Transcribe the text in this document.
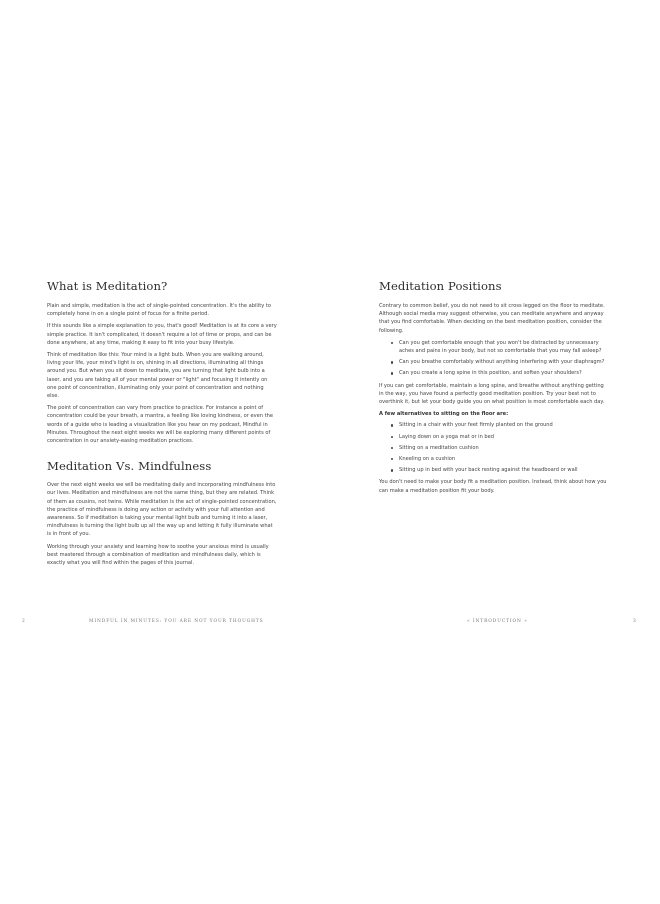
What is Meditation?

Plain and simple, meditation is the act of single-pointed concentration. It's the ability to completely hone in on a single point of focus for a finite period.

If this sounds like a simple explanation to you, that's good! Meditation is at its core a very simple practice. It isn't complicated, it doesn't require a lot of time or props, and can be done anywhere, at any time, making it easy to fit into your busy lifestyle.

Think of meditation like this: Your mind is a light bulb. When you are walking around, living your life, your mind's light is on, shining in all directions, illuminating all things around you. But when you sit down to meditate, you are turning that light bulb into a laser, and you are taking all of your mental power or "light" and focusing it intently on one point of concentration, illuminating only your point of concentration and nothing else.

The point of concentration can vary from practice to practice. For instance a point of concentration could be your breath, a mantra, a feeling like loving kindness, or even the words of a guide who is leading a visualization like you hear on my podcast, Mindful in Minutes. Throughout the next eight weeks we will be exploring many different points of concentration in our anxiety-easing meditation practices.

Meditation Vs. Mindfulness

Over the next eight weeks we will be meditating daily and incorporating mindfulness into our lives. Meditation and mindfulness are not the same thing, but they are related. Think of them as cousins, not twins. While meditation is the act of single-pointed concentration, the practice of mindfulness is doing any action or activity with your full attention and awareness. So if meditation is taking your mental light bulb and turning it into a laser, mindfulness is turning the light bulb up all the way up and letting it fully illuminate what is in front of you.

Working through your anxiety and learning how to soothe your anxious mind is usually best mastered through a combination of meditation and mindfulness daily, which is exactly what you will find within the pages of this journal.

Meditation Positions

Contrary to common belief, you do not need to sit cross legged on the floor to meditate. Although social media may suggest otherwise, you can meditate anywhere and anyway that you find comfortable. When deciding on the best meditation position, consider the following.

Can you get comfortable enough that you won't be distracted by unnecessary aches and pains in your body, but not so comfortable that you may fall asleep?
Can you breathe comfortably without anything interfering with your diaphragm?
Can you create a long spine in this position, and soften your shoulders?

If you can get comfortable, maintain a long spine, and breathe without anything getting in the way, you have found a perfectly good meditation position. Try your best not to overthink it, but let your body guide you on what position is most comfortable each day.

A few alternatives to sitting on the floor are:

Sitting in a chair with your feet firmly planted on the ground
Laying down on a yoga mat or in bed
Sitting on a meditation cushion
Kneeling on a cushion
Sitting up in bed with your back resting against the headboard or wall

You don't need to make your body fit a meditation position. Instead, think about how you can make a meditation position fit your body.

2	MINDFUL IN MINUTES: YOU ARE NOT YOUR THOUGHTS	« INTRODUCTION »	3
